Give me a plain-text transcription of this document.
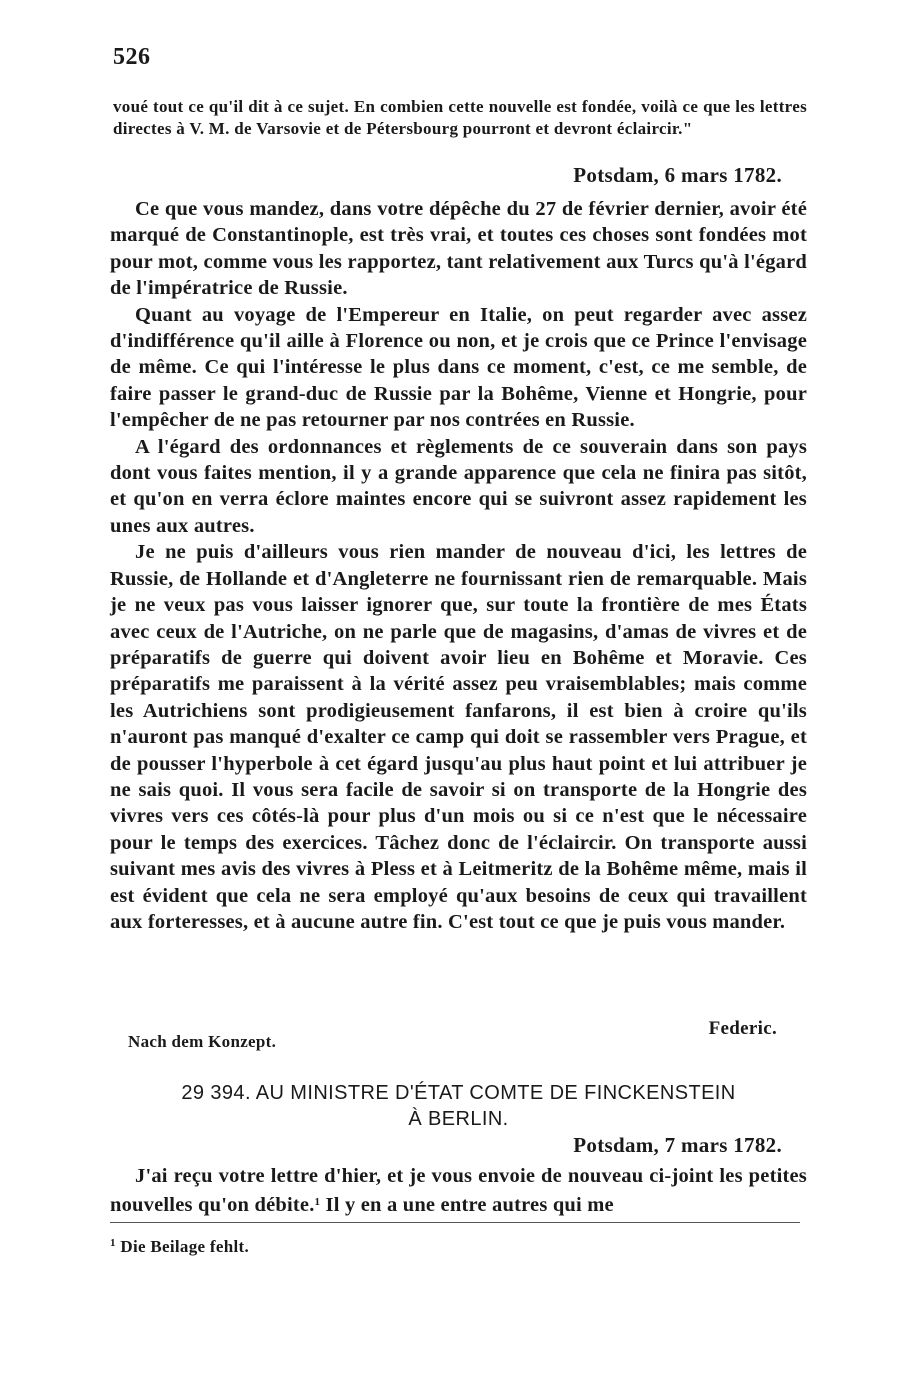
526
voué tout ce qu'il dit à ce sujet. En combien cette nouvelle est fondée, voilà ce que les lettres directes à V. M. de Varsovie et de Pétersbourg pourront et devront éclaircir."
Potsdam, 6 mars 1782.

Ce que vous mandez, dans votre dépêche du 27 de février dernier, avoir été marqué de Constantinople, est très vrai, et toutes ces choses sont fondées mot pour mot, comme vous les rapportez, tant relativement aux Turcs qu'à l'égard de l'impératrice de Russie.

Quant au voyage de l'Empereur en Italie, on peut regarder avec assez d'indifférence qu'il aille à Florence ou non, et je crois que ce Prince l'envisage de même. Ce qui l'intéresse le plus dans ce moment, c'est, ce me semble, de faire passer le grand-duc de Russie par la Bohême, Vienne et Hongrie, pour l'empêcher de ne pas retourner par nos contrées en Russie.

A l'égard des ordonnances et règlements de ce souverain dans son pays dont vous faites mention, il y a grande apparence que cela ne finira pas sitôt, et qu'on en verra éclore maintes encore qui se suivront assez rapidement les unes aux autres.

Je ne puis d'ailleurs vous rien mander de nouveau d'ici, les lettres de Russie, de Hollande et d'Angleterre ne fournissant rien de remarquable. Mais je ne veux pas vous laisser ignorer que, sur toute la frontière de mes États avec ceux de l'Autriche, on ne parle que de magasins, d'amas de vivres et de préparatifs de guerre qui doivent avoir lieu en Bohême et Moravie. Ces préparatifs me paraissent à la vérité assez peu vraisemblables; mais comme les Autrichiens sont prodigieusement fanfarons, il est bien à croire qu'ils n'auront pas manqué d'exalter ce camp qui doit se rassembler vers Prague, et de pousser l'hyperbole à cet égard jusqu'au plus haut point et lui attribuer je ne sais quoi. Il vous sera facile de savoir si on transporte de la Hongrie des vivres vers ces côtés-là pour plus d'un mois ou si ce n'est que le nécessaire pour le temps des exercices. Tâchez donc de l'éclaircir. On transporte aussi suivant mes avis des vivres à Pless et à Leitmeritz de la Bohême même, mais il est évident que cela ne sera employé qu'aux besoins de ceux qui travaillent aux forteresses, et à aucune autre fin. C'est tout ce que je puis vous mander.

Federic.
Nach dem Konzept.
29 394. AU MINISTRE D'ÉTAT COMTE DE FINCKENSTEIN
À BERLIN.
Potsdam, 7 mars 1782.

J'ai reçu votre lettre d'hier, et je vous envoie de nouveau ci-joint les petites nouvelles qu'on débite.$^1$ Il y en a une entre autres qui me

$^1$ Die Beilage fehlt.
